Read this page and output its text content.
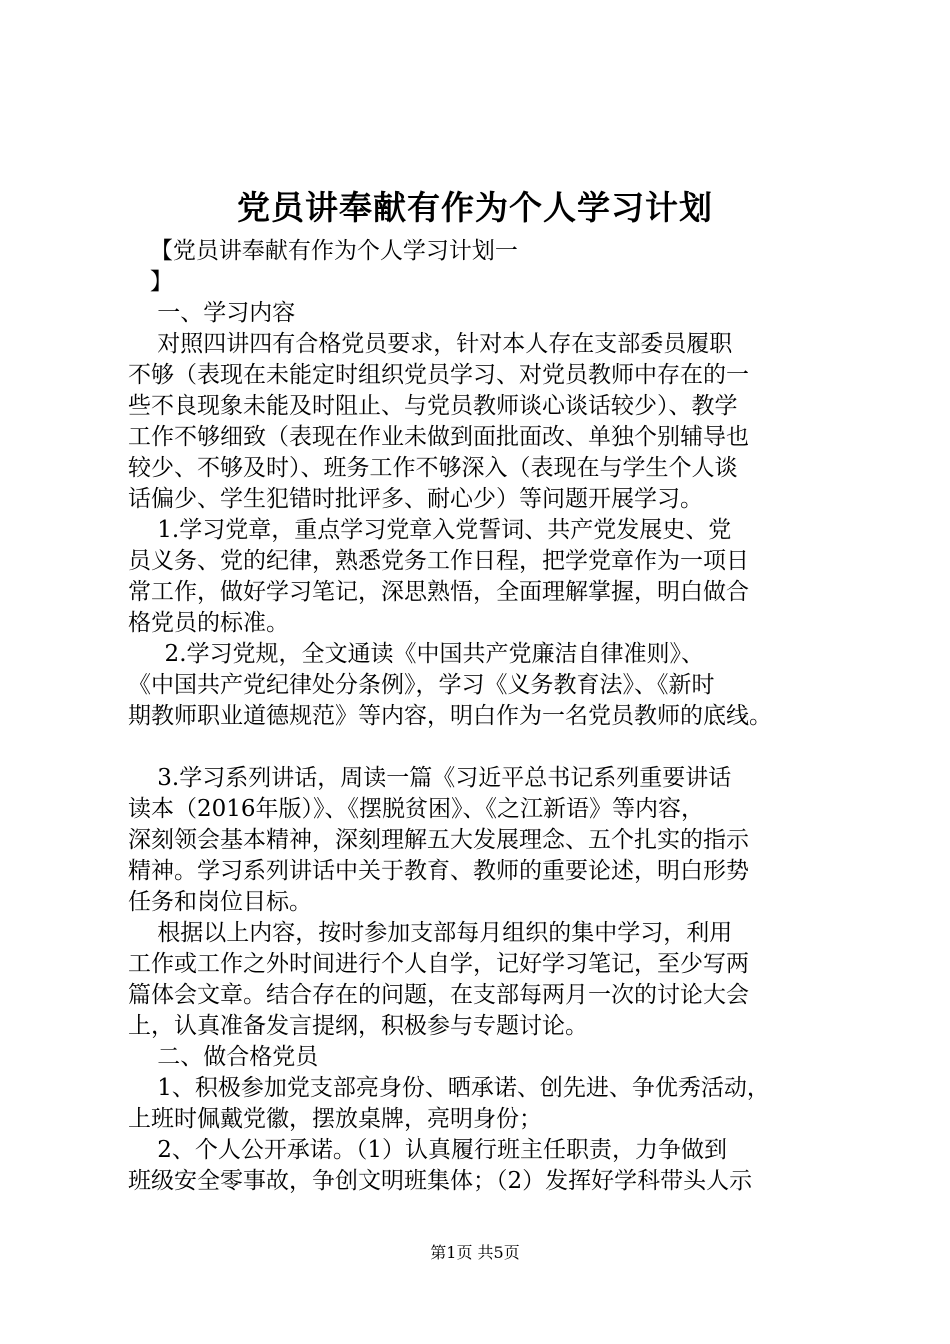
党员讲奉献有作为个人学习计划
【党员讲奉献有作为个人学习计划一
】
一、学习内容
对照四讲四有合格党员要求，针对本人存在支部委员履职
不够（表现在未能定时组织党员学习、对党员教师中存在的一
些不良现象未能及时阻止、与党员教师谈心谈话较少）、教学
工作不够细致（表现在作业未做到面批面改、单独个别辅导也
较少、不够及时）、班务工作不够深入（表现在与学生个人谈
话偏少、学生犯错时批评多、耐心少）等问题开展学习。
1.学习党章，重点学习党章入党誓词、共产党发展史、党
员义务、党的纪律，熟悉党务工作日程，把学党章作为一项日
常工作，做好学习笔记，深思熟悟，全面理解掌握，明白做合
格党员的标准。
2.学习党规，全文通读《中国共产党廉洁自律准则》、
《中国共产党纪律处分条例》，学习《义务教育法》、《新时
期教师职业道德规范》等内容，明白作为一名党员教师的底线。
3.学习系列讲话，周读一篇《习近平总书记系列重要讲话
读本（2016年版）》、《摆脱贫困》、《之江新语》等内容，
深刻领会基本精神，深刻理解五大发展理念、五个扎实的指示
精神。学习系列讲话中关于教育、教师的重要论述，明白形势
任务和岗位目标。
根据以上内容，按时参加支部每月组织的集中学习，利用
工作或工作之外时间进行个人自学，记好学习笔记，至少写两
篇体会文章。结合存在的问题，在支部每两月一次的讨论大会
上，认真准备发言提纲，积极参与专题讨论。
二、做合格党员
1、积极参加党支部亮身份、晒承诺、创先进、争优秀活动，
上班时佩戴党徽，摆放桌牌，亮明身份；
2、个人公开承诺。（1）认真履行班主任职责，力争做到
班级安全零事故，争创文明班集体；（2）发挥好学科带头人示
第1页 共5页
